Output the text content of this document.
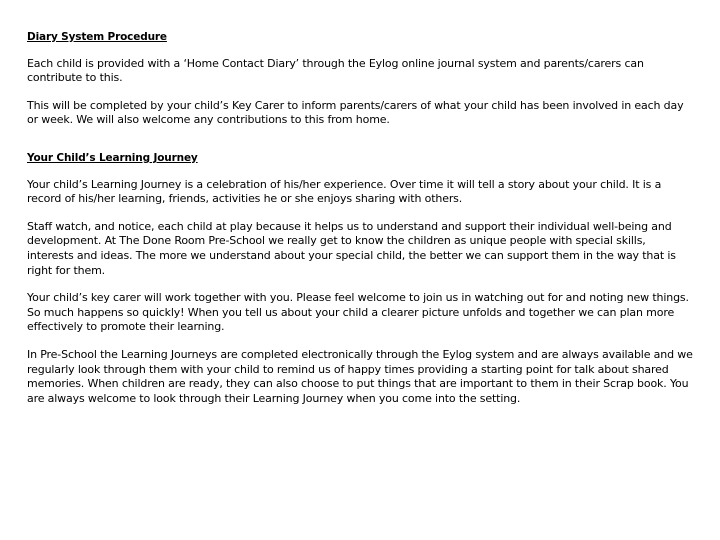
Diary System Procedure

Each child is provided with a ‘Home Contact Diary’ through the Eylog online journal system and parents/carers can contribute to this.

This will be completed by your child’s Key Carer to inform parents/carers of what your child has been involved in each day or week. We will also welcome any contributions to this from home.

Your Child’s Learning Journey

Your child’s Learning Journey is a celebration of his/her experience. Over time it will tell a story about your child. It is a record of his/her learning, friends, activities he or she enjoys sharing with others.

Staff watch, and notice, each child at play because it helps us to understand and support their individual well-being and development. At The Done Room Pre-School we really get to know the children as unique people with special skills, interests and ideas. The more we understand about your special child, the better we can support them in the way that is right for them.

Your child’s key carer will work together with you. Please feel welcome to join us in watching out for and noting new things. So much happens so quickly! When you tell us about your child a clearer picture unfolds and together we can plan more effectively to promote their learning.

In Pre-School the Learning Journeys are completed electronically through the Eylog system and are always available and we regularly look through them with your child to remind us of happy times providing a starting point for talk about shared memories. When children are ready, they can also choose to put things that are important to them in their Scrap book. You are always welcome to look through their Learning Journey when you come into the setting.
